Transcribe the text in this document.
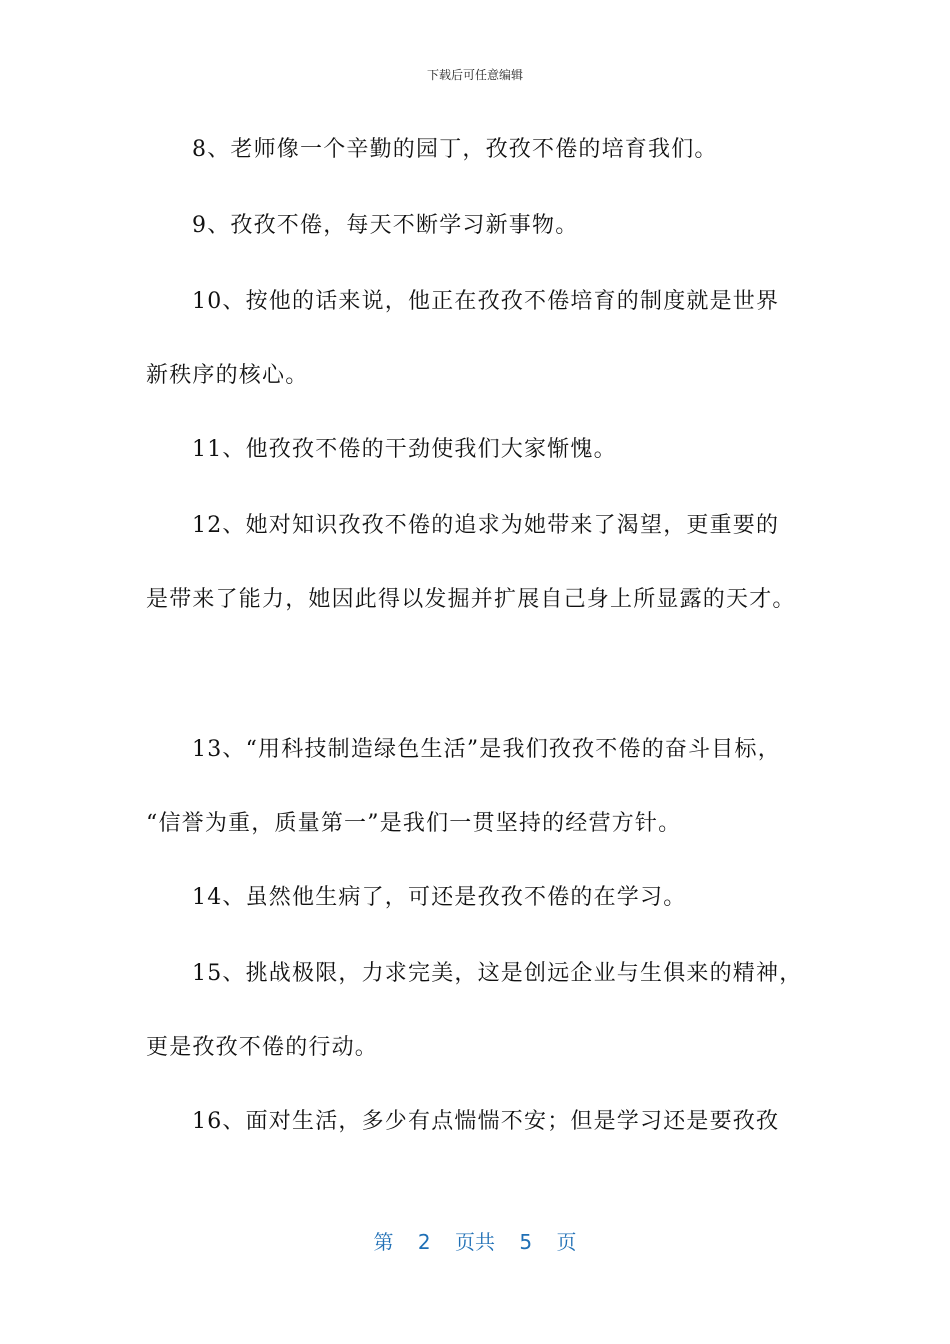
下载后可任意编辑
8、老师像一个辛勤的园丁，孜孜不倦的培育我们。
9、孜孜不倦，每天不断学习新事物。
10、按他的话来说，他正在孜孜不倦培育的制度就是世界
新秩序的核心。
11、他孜孜不倦的干劲使我们大家惭愧。
12、她对知识孜孜不倦的追求为她带来了渴望，更重要的
是带来了能力，她因此得以发掘并扩展自己身上所显露的天才。
13、“用科技制造绿色生活”是我们孜孜不倦的奋斗目标，
“信誉为重，质量第一”是我们一贯坚持的经营方针。
14、虽然他生病了，可还是孜孜不倦的在学习。
15、挑战极限，力求完美，这是创远企业与生俱来的精神，
更是孜孜不倦的行动。
16、面对生活，多少有点惴惴不安；但是学习还是要孜孜
第 2 页共 5 页
